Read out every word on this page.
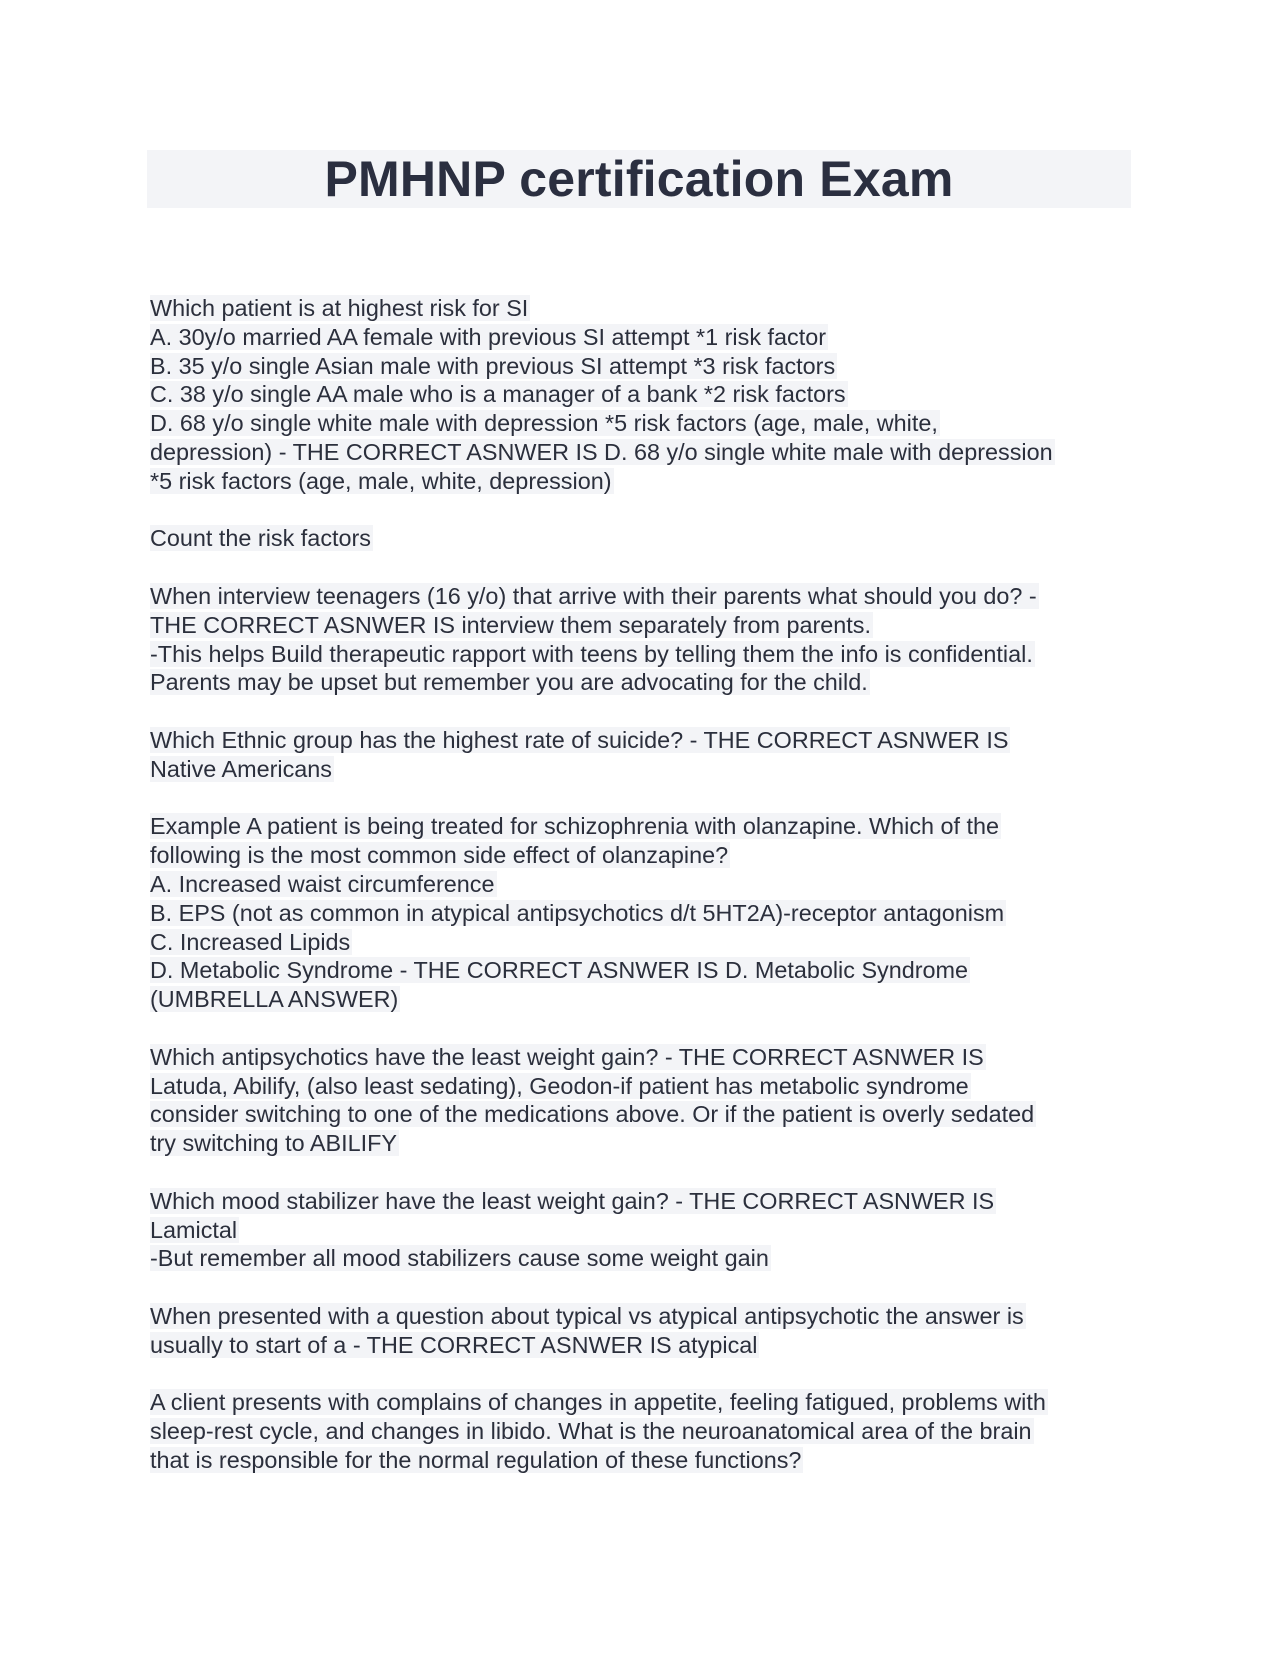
PMHNP certification Exam
Which patient is at highest risk for SI
A. 30y/o married AA female with previous SI attempt *1 risk factor
B. 35 y/o single Asian male with previous SI attempt *3 risk factors
C. 38 y/o single AA male who is a manager of a bank *2 risk factors
D. 68 y/o single white male with depression *5 risk factors (age, male, white,
depression) - THE CORRECT ASNWER IS D. 68 y/o single white male with depression
*5 risk factors (age, male, white, depression)
Count the risk factors
When interview teenagers (16 y/o) that arrive with their parents what should you do? -
THE CORRECT ASNWER IS interview them separately from parents.
-This helps Build therapeutic rapport with teens by telling them the info is confidential.
Parents may be upset but remember you are advocating for the child.
Which Ethnic group has the highest rate of suicide? - THE CORRECT ASNWER IS
Native Americans
Example A patient is being treated for schizophrenia with olanzapine. Which of the
following is the most common side effect of olanzapine?
A. Increased waist circumference
B. EPS (not as common in atypical antipsychotics d/t 5HT2A)-receptor antagonism
C. Increased Lipids
D. Metabolic Syndrome - THE CORRECT ASNWER IS D. Metabolic Syndrome
(UMBRELLA ANSWER)
Which antipsychotics have the least weight gain? - THE CORRECT ASNWER IS
Latuda, Abilify, (also least sedating), Geodon-if patient has metabolic syndrome
consider switching to one of the medications above. Or if the patient is overly sedated
try switching to ABILIFY
Which mood stabilizer have the least weight gain? - THE CORRECT ASNWER IS
Lamictal
-But remember all mood stabilizers cause some weight gain
When presented with a question about typical vs atypical antipsychotic the answer is
usually to start of a - THE CORRECT ASNWER IS atypical
A client presents with complains of changes in appetite, feeling fatigued, problems with
sleep-rest cycle, and changes in libido. What is the neuroanatomical area of the brain
that is responsible for the normal regulation of these functions?
